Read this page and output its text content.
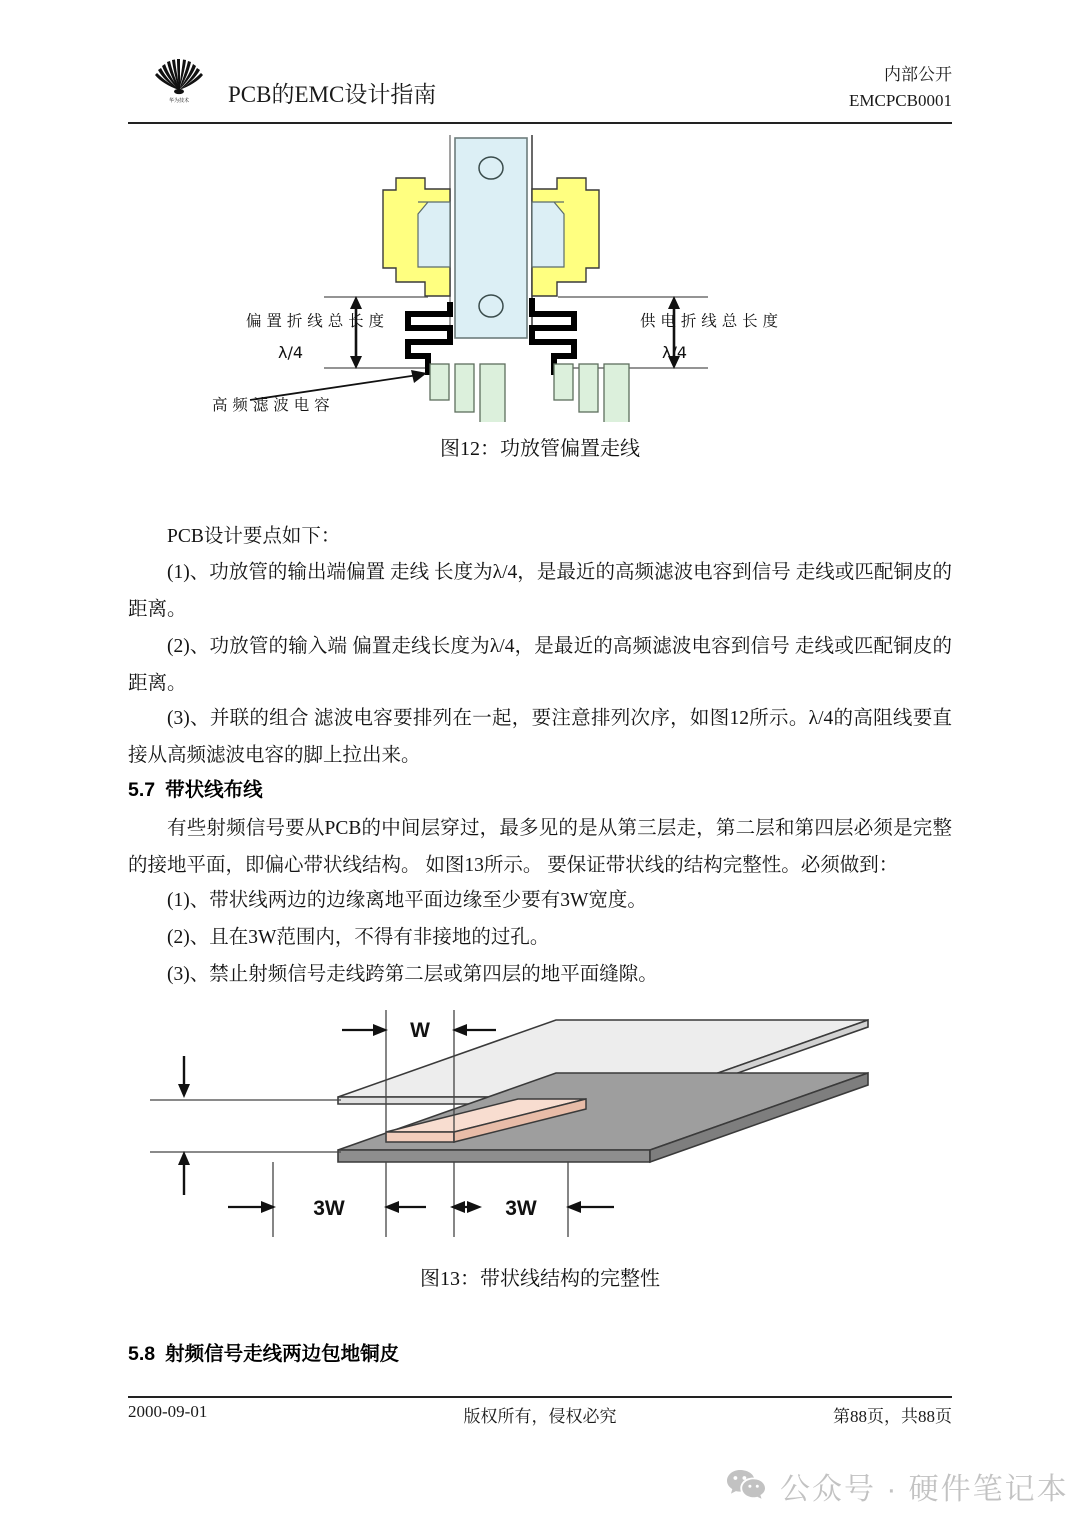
华为技术 PCB的EMC设计指南
内部公开
EMCPCB0001
偏 置 折 线 总 长 度
λ/4
供 电 折 线 总 长 度
λ/4
高 频 滤 波 电 容
图12：功放管偏置走线
PCB设计要点如下：
(1)、功放管的输出端偏置 走线 长度为λ/4，是最近的高频滤波电容到信号 走线或匹配铜皮的距离。
(2)、功放管的输入端 偏置走线长度为λ/4，是最近的高频滤波电容到信号 走线或匹配铜皮的距离。
(3)、并联的组合 滤波电容要排列在一起，要注意排列次序，如图12所示。λ/4的高阻线要直接从高频滤波电容的脚上拉出来。
5.7 带状线布线
有些射频信号要从PCB的中间层穿过，最多见的是从第三层走，第二层和第四层必须是完整的接地平面，即偏心带状线结构。 如图13所示。 要保证带状线的结构完整性。必须做到：
(1)、带状线两边的边缘离地平面边缘至少要有3W宽度。
(2)、且在3W范围内，不得有非接地的过孔。
(3)、禁止射频信号走线跨第二层或第四层的地平面缝隙。
W
3W	3W
图13：带状线结构的完整性
5.8 射频信号走线两边包地铜皮
2000-09-01	版权所有，侵权必究	第88页，共88页
公众号 · 硬件笔记本
